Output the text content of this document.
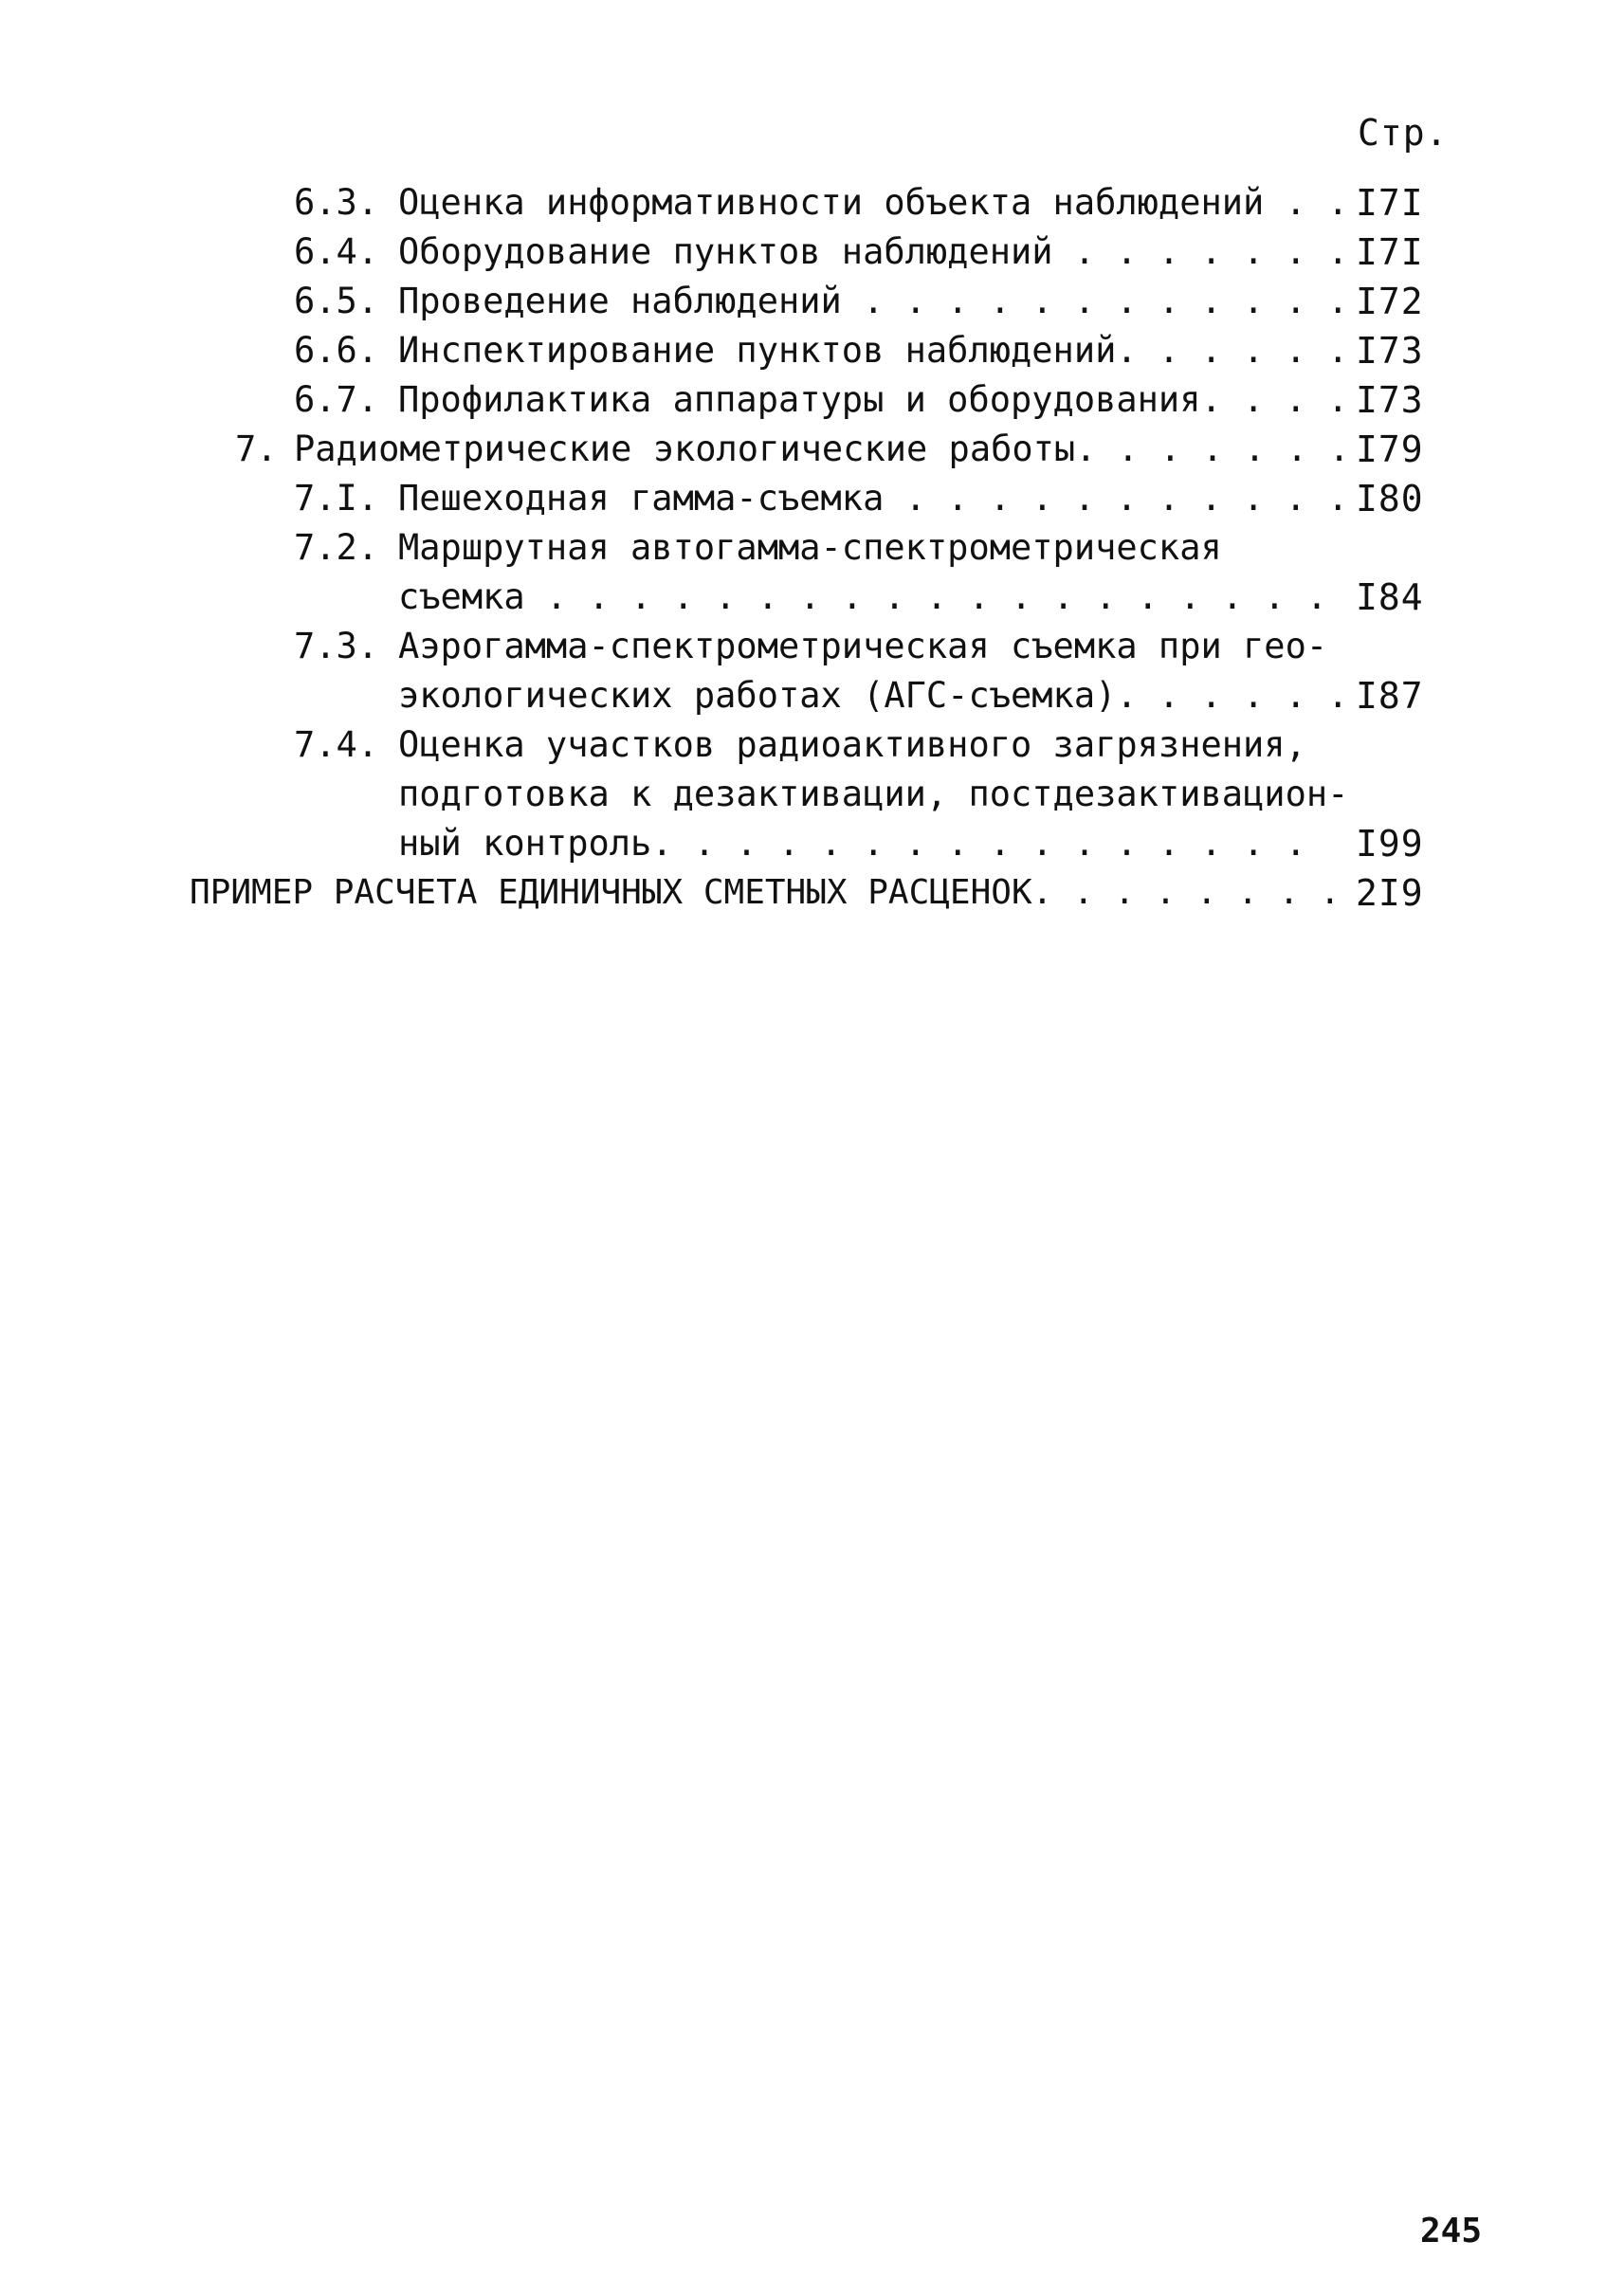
Стр.
6.3. Оценка информативности объекта наблюдений . . I7I
6.4. Оборудование пунктов наблюдений . . . . . . . I7I
6.5. Проведение наблюдений . . . . . . . . . . . . I72
6.6. Инспектирование пунктов наблюдений. . . . . . I73
6.7. Профилактика аппаратуры и оборудования. . . . I73
7. Радиометрические экологические работы. . . . . . . I79
7.I. Пешеходная гамма-съемка . . . . . . . . . . . I80
7.2. Маршрутная автогамма-спектрометрическая
съемка . . . . . . . . . . . . . . . . . . . I84
7.3. Аэрогамма-спектрометрическая съемка при гео-
экологических работах (АГС-съемка). . . . . . I87
7.4. Оценка участков радиоактивного загрязнения,
подготовка к дезактивации, постдезактивацион-
ный контроль. . . . . . . . . . . . . . . . I99
ПРИМЕР РАСЧЕТА ЕДИНИЧНЫХ СМЕТНЫХ РАСЦЕНОК. . . . . . . . 2I9
245
